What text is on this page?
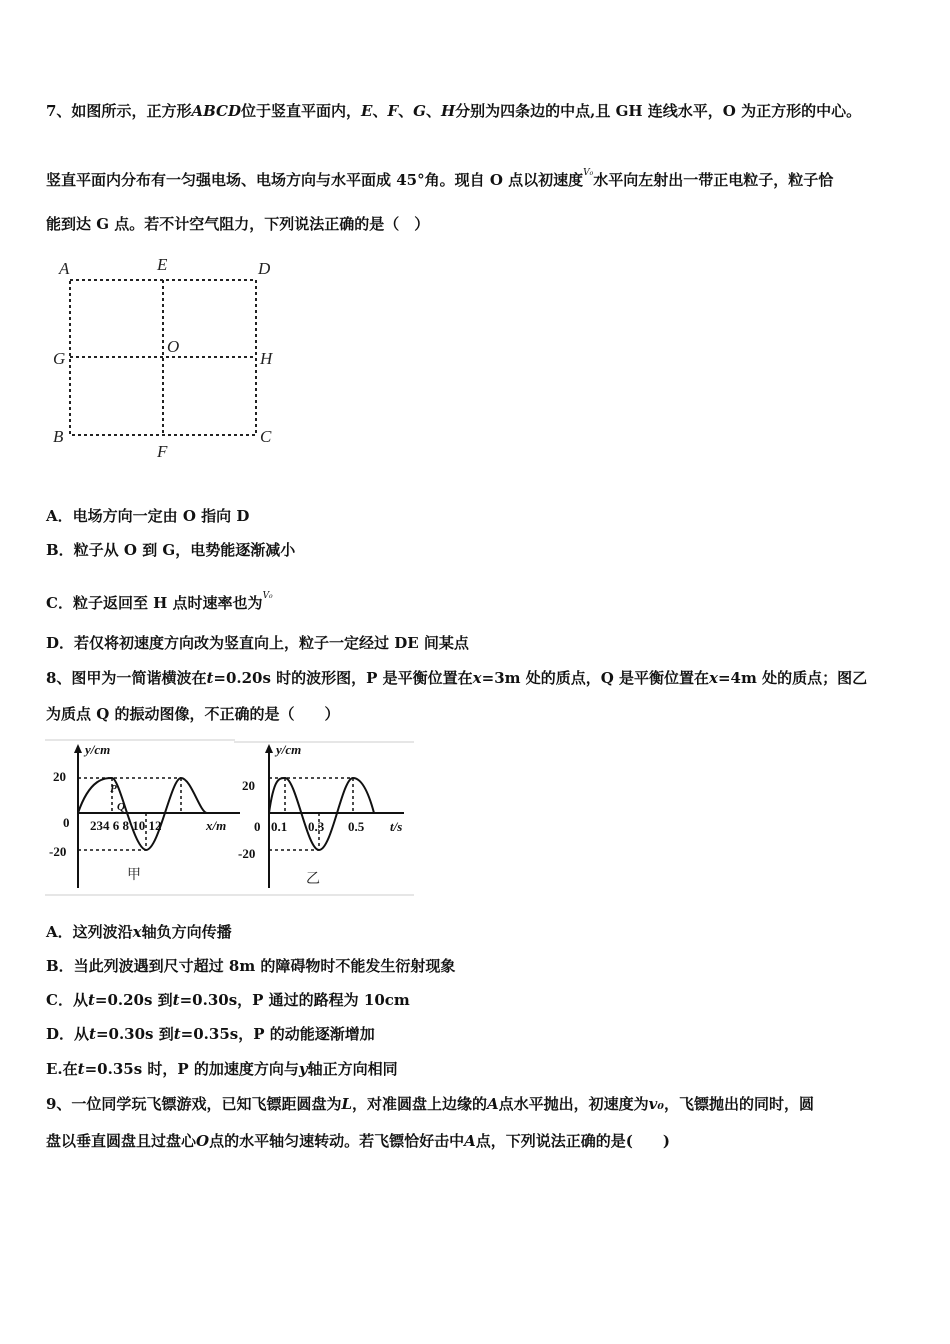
7、如图所示，正方形ABCD位于竖直平面内，E、F、G、H分别为四条边的中点,且 GH 连线水平，O 为正方形的中心。
竖直平面内分布有一匀强电场、电场方向与水平面成 45°角。现自 O 点以初速度$^{V_0}$水平向左射出一带正电粒子，粒子恰
能到达 G 点。若不计空气阻力，下列说法正确的是（　）
A	E	D
G
O
H
B
F
C
A．电场方向一定由 O 指向 D
B．粒子从 O 到 G，电势能逐渐减小
C．粒子返回至 H 点时速率也为$^{V_0}$
D．若仅将初速度方向改为竖直向上，粒子一定经过 DE 间某点
8、图甲为一简谐横波在t=0.20s 时的波形图，P 是平衡位置在x=3m 处的质点，Q 是平衡位置在x=4m 处的质点；图乙
为质点 Q 的振动图像，不正确的是（　　）
y/cm
20
0
-20
234 6 8 10 12	x/m
P
Q
甲
y/cm
20
0
-20
0.1 0.3 0.5 t/s
乙
A．这列波沿x轴负方向传播
B．当此列波遇到尺寸超过 8m 的障碍物时不能发生衍射现象
C．从t=0.20s 到t=0.30s，P 通过的路程为 10cm
D．从t=0.30s 到t=0.35s，P 的动能逐渐增加
E.在t=0.35s 时，P 的加速度方向与y轴正方向相同
9、一位同学玩飞镖游戏，已知飞镖距圆盘为L，对准圆盘上边缘的A点水平抛出，初速度为v₀，飞镖抛出的同时，圆
盘以垂直圆盘且过盘心O点的水平轴匀速转动。若飞镖恰好击中A点，下列说法正确的是(　　)
